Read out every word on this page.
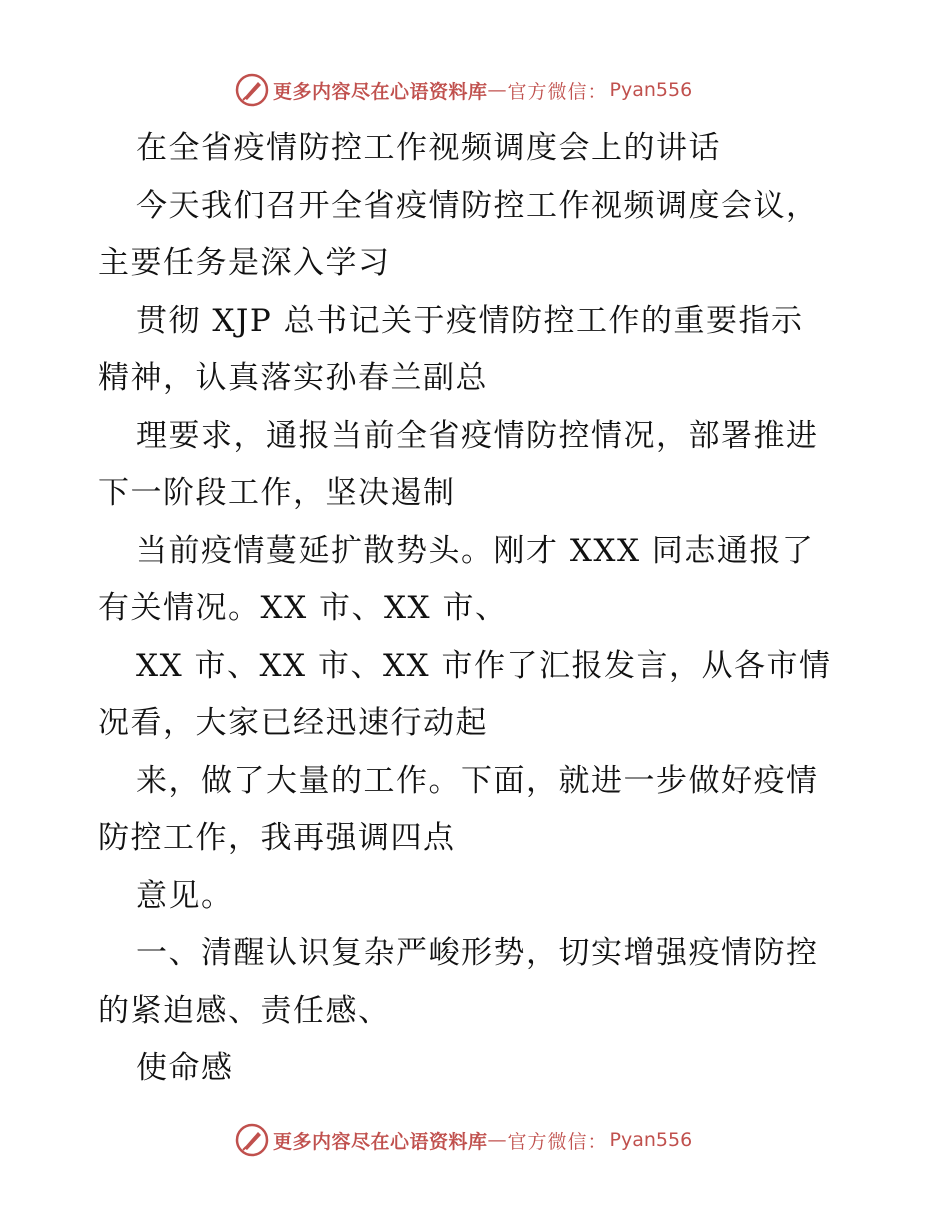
更多内容尽在心语资料库 — 官方微信： Pyan556
在全省疫情防控工作视频调度会上的讲话
今天我们召开全省疫情防控工作视频调度会议，
主要任务是深入学习
贯彻 XJP 总书记关于疫情防控工作的重要指示
精神，认真落实孙春兰副总
理要求，通报当前全省疫情防控情况，部署推进
下一阶段工作，坚决遏制
当前疫情蔓延扩散势头。刚才 XXX 同志通报了
有关情况。XX 市、XX 市、
XX 市、XX 市、XX 市作了汇报发言，从各市情
况看，大家已经迅速行动起
来，做了大量的工作。下面，就进一步做好疫情
防控工作，我再强调四点
意见。
一、清醒认识复杂严峻形势，切实增强疫情防控
的紧迫感、责任感、
使命感
更多内容尽在心语资料库 — 官方微信： Pyan556
